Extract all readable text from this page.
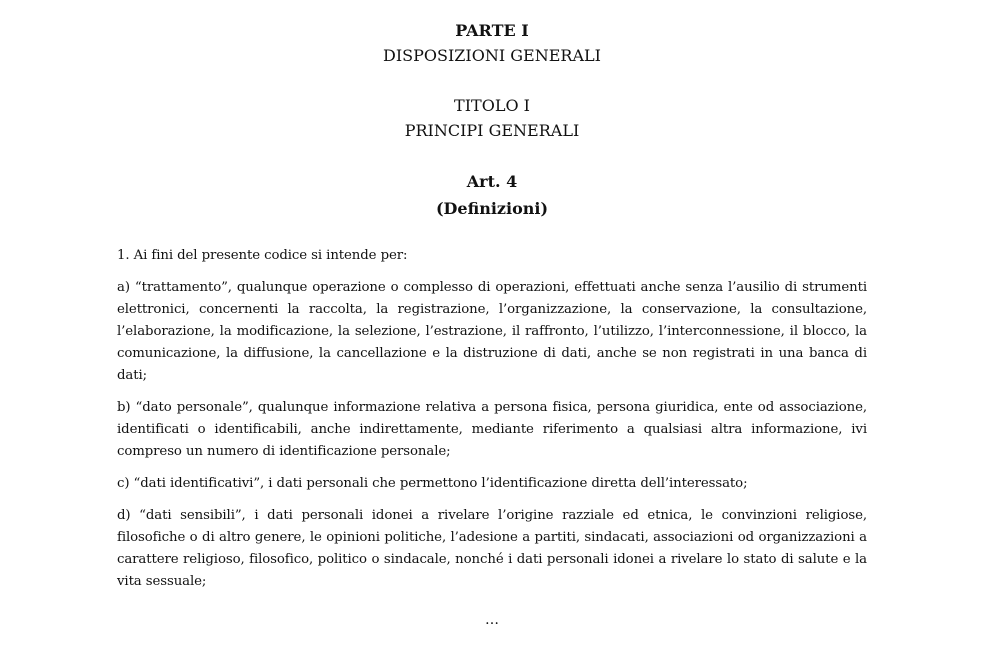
PARTE I
DISPOSIZIONI GENERALI
TITOLO I
PRINCIPI GENERALI
Art. 4
(Definizioni)
1. Ai fini del presente codice si intende per:
a) “trattamento”, qualunque operazione o complesso di operazioni, effettuati anche senza l’ausilio di strumenti elettronici, concernenti la raccolta, la registrazione, l’organizzazione, la conservazione, la consultazione, l’elaborazione, la modificazione, la selezione, l’estrazione, il raffronto, l’utilizzo, l’interconnessione, il blocco, la comunicazione, la diffusione, la cancellazione e la distruzione di dati, anche se non registrati in una banca di dati;
b) “dato personale”, qualunque informazione relativa a persona fisica, persona giuridica, ente od associazione, identificati o identificabili, anche indirettamente, mediante riferimento a qualsiasi altra informazione, ivi compreso un numero di identificazione personale;
c) “dati identificativi”, i dati personali che permettono l’identificazione diretta dell’interessato;
d) “dati sensibili”, i dati personali idonei a rivelare l’origine razziale ed etnica, le convinzioni religiose, filosofiche o di altro genere, le opinioni politiche, l’adesione a partiti, sindacati, associazioni od organizzazioni a carattere religioso, filosofico, politico o sindacale, nonché i dati personali idonei a rivelare lo stato di salute e la vita sessuale;
…
